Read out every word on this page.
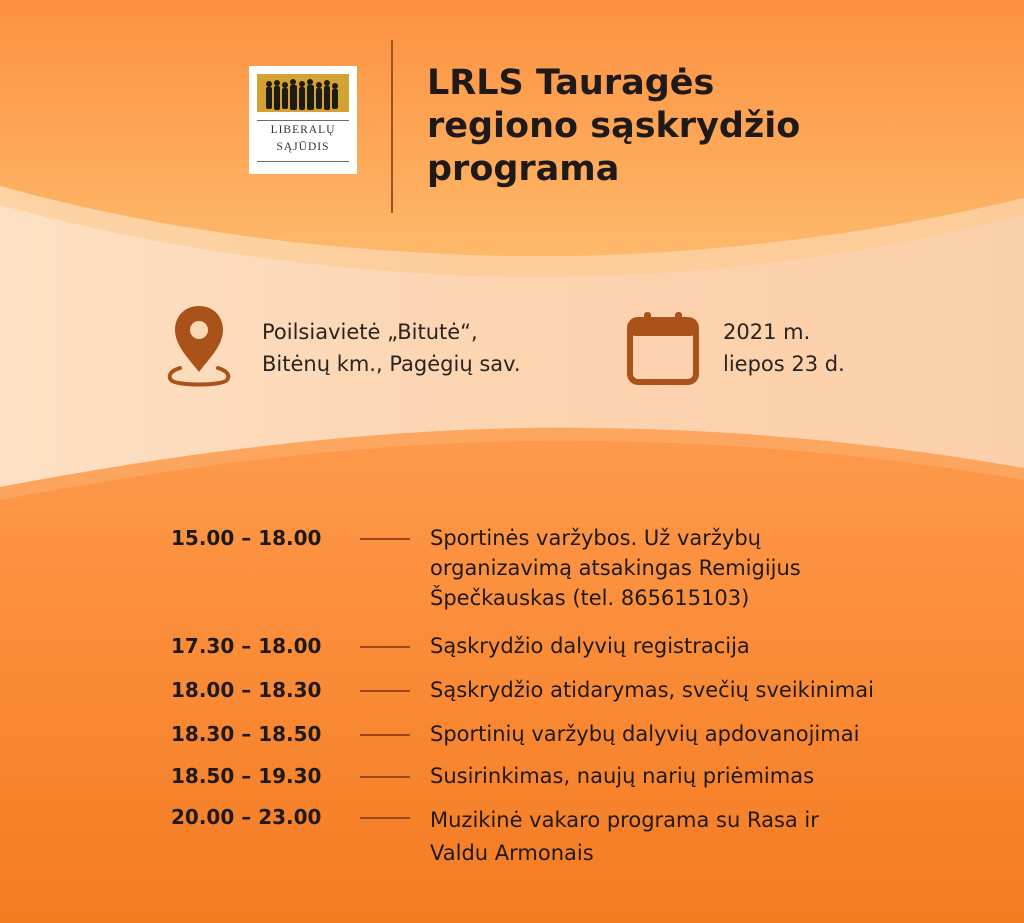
LIBERALŲ
SĄJŪDIS
LRLS Tauragės
regiono sąskrydžio
programa
Poilsiavietė „Bitutė“,
Bitėnų km., Pagėgių sav.
2021 m.
liepos 23 d.
15.00 – 18.00	Sportinės varžybos. Už varžybų
organizavimą atsakingas Remigijus
Špečkauskas (tel. 865615103)
17.30 – 18.00	Sąskrydžio dalyvių registracija
18.00 – 18.30	Sąskrydžio atidarymas, svečių sveikinimai
18.30 – 18.50	Sportinių varžybų dalyvių apdovanojimai
18.50 – 19.30	Susirinkimas, naujų narių priėmimas
20.00 – 23.00	Muzikinė vakaro programa su Rasa ir
Valdu Armonais
